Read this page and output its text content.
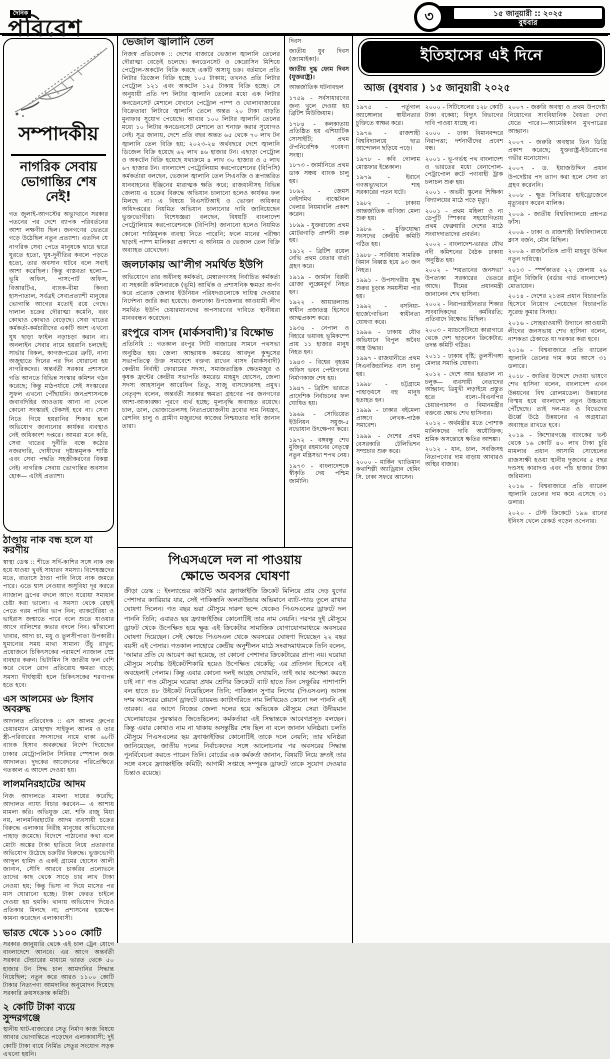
দৈনিক
পরিবেশ	৩	১৫ জানুয়ারী :: ২০২৫
বুধবার
সম্পাদকীয়
নাগরিক সেবায় ভোগান্তির শেষ নেই!
গত জুলাই-আগস্টের অভ্যুত্থানে সরকার পতনের পর দেশে ব্যাপক পরিবর্তনের আশা লক্ষণীয় ছিল। জনগণের ভেতরে গড়ে উঠেছিল নতুন প্রত্যাশা। এতদিন যে নাগরিক সেবা পেতে মানুষকে দ্বারে দ্বারে ঘুরতে হতো, ঘুষ-দুর্নীতির কবলে পড়তে হতো, তার অবসান ঘটবে বলে সবাই আশা করেছিল। কিন্তু বাস্তবতা হলো— ভূমি অফিস, পাসপোর্ট অফিস, বিআরটিএ, ব্যাংক-বীমা কিংবা হাসপাতাল, সর্বত্রই সেবাপ্রত্যাশী মানুষের ভোগান্তি আগের মতোই রয়ে গেছে। দালাল চক্রের দৌরাত্ম্য কমেনি, বরং কোথাও কোথাও বেড়েছে। সেবা খাতের কর্মকর্তা-কর্মচারীদের একটি অংশ এখনো ঘুষ ছাড়া ফাইল নড়াচড়া করান না। অনলাইন সেবার নামে হয়রানি চলছেই; সার্ভার বিকল, কাগজপত্রের ত্রুটি, নানা অজুহাতে দিনের পর দিন ঘোরানো হয় নাগরিকদের। অন্তর্বর্তী সরকার প্রশাসনে গতি আনতে বিভিন্ন সংস্কার কমিশন গঠন করেছে; কিন্তু মাঠপর্যায়ে সেই সংস্কারের সুফল এখনো পৌঁছায়নি। জনপ্রশাসনকে জবাবদিহির আওতায় আনা না গেলে কোনো সংস্কারই টেকসই হবে না। সেবা নিতে গিয়ে হয়রানির শিকার হলে অভিযোগ জানানোর কার্যকর ব্যবস্থাও নেই অধিকাংশ দপ্তরে। আমরা মনে করি, সেবা খাতের দুর্নীতি বন্ধে কঠোর নজরদারি, দোষীদের দৃষ্টান্তমূলক শাস্তি এবং সেবা পদ্ধতি সহজীকরণের বিকল্প নেই। নাগরিক সেবায় ভোগান্তির অবসান হোক— এটাই প্রত্যাশা।
ঠাণ্ডায় নাক বন্ধ হলে যা করণীয়
স্বাস্থ্য ডেস্ক :: শীতে সর্দি-কাশির সঙ্গে নাক বন্ধ হয়ে যাওয়া খুবই সাধারণ সমস্যা। বিশেষজ্ঞদের মতে, বাতাসে ঠাণ্ডা পানি নিয়ে নাক জমতে পারে। এতে শ্বাস নেওয়ার অসুবিধা দূর করতে ন্যাজাল ড্রপের বদলে আগে ঘরোয়া সমাধান চেষ্টা করা ভালো। এ সমস্যা থেকে রেহাই পেতে গরম পানির ভাপ নিন; ব্যাকটেরিয়া ও ভাইরাস জন্মাতে পারে বলে শুতে যাওয়ার আগে বালিশের কভার বদলে নিন। ঝাঁঝালো খাবার, আদা চা, মধু ও তুলসীপাতা উপকারী। ঘুমানোর সময় মাথা সামান্য উঁচু রাখুন; প্রয়োজনে চিকিৎসকের পরামর্শে ন্যাজাল স্প্রে ব্যবহার করুন। ভিটামিন সি জাতীয় ফল বেশি করে খেলে রোগ প্রতিরোধ ক্ষমতা বাড়ে; সমস্যা দীর্ঘস্থায়ী হলে চিকিৎসকের শরণাপন্ন হতে হবে।
এস আলমের ৬৮ হিসাব অবরুদ্ধ
আদালত প্রতিবেদক :: এস আলম গ্রুপের চেয়ারম্যান মোহাম্মদ সাইফুল আলম ও তার স্ত্রী-পরিবারের সদস্যদের নামে থাকা ৬৮টি ব্যাংক হিসাব অবরুদ্ধের নির্দেশ দিয়েছেন ঢাকার মেট্রোপলিটন সিনিয়র স্পেশাল জজ আদালত। দুদকের আবেদনের পরিপ্রেক্ষিতে গতকাল এ আদেশ দেওয়া হয়।
লালমনিরহাটের আদম
নিজ আদালতে মামলা দায়ের করেছি; আদালত ন্যায্য বিচার করবেন— এ আশায় মামলা করি। অভিযুক্ত মো. শফি রাজু মিয়া নয়, লালমনিরহাটের আদম ব্যবসায়ী চক্রের বিরুদ্ধে এলাকার নিরীহ মানুষের অভিযোগের পাহাড় জমেছে। বিদেশে পাঠানোর কথা বলে মোটা অঙ্কের টাকা হাতিয়ে নিয়ে প্রতারণার অভিযোগ উঠেছে চক্রটির বিরুদ্ধে। ভুক্তভোগী আব্দুল হামিদ ও একই গ্রামের হোসেন আলী জানান, সৌদি আরবে চাকরির প্রলোভনে তাদের কাছ থেকে সাড়ে চার লাখ টাকা নেওয়া হয়; কিন্তু ভিসা না দিয়ে মাসের পর মাস ঘোরানো হচ্ছে। টাকা ফেরত চাইলে দেওয়া হয় হুমকি। থানায় অভিযোগ দিয়েও প্রতিকার মিলছে না; প্রশাসনের হস্তক্ষেপ কামনা করেছেন এলাকাবাসী।
ভারত থেকে ১১০০ কোটি
সরকার জানুয়ারি থেকে এই চাল ট্রেন যোগে বাংলাদেশে আনবে। এর আগে অন্তর্বর্তী সরকার টেন্ডারের মাধ্যমে ভারত থেকে ৫০ হাজার টন সিদ্ধ চাল আমদানির সিদ্ধান্ত নিয়েছিল; নতুন করে আরও ১১০০ কোটি টাকার নিত্যপণ্য আমদানির অনুমোদন দিয়েছে সরকারি ক্রয়সংক্রান্ত কমিটি।
২ কোটি টাকা ব্যয়ে সুন্দরগঞ্জে
স্থানীয় ঘাট-বাজারের সেতু নির্মাণ কাজ বিষয়ে আবার ভোগান্তিতে পড়েছেন এলাকাবাসী; দুই কোটি টাকা ব্যয়ে নির্মিত সেতুর সংযোগ সড়ক এখনো হয়নি।
ভেজাল জ্বালানি তেল
নিজস্ব প্রতিবেদক :: দেশের বাজারে ভেজাল জ্বালানি তেলের দৌরাত্ম্য বেড়েই চলেছে। কনডেনসেট ও কেরোসিন মিশিয়ে পেট্রোল-অকটেন বিক্রি করছে একটি অসাধু চক্র। বর্তমানে প্রতি লিটার ডিজেল বিক্রি হচ্ছে ১০৫ টাকায়; তখনও প্রতি লিটার পেট্রোল ১২১ এবং অকটেন ১২৫ টাকায় বিক্রি হচ্ছে। সে অনুযায়ী প্রতি দশ লিটার জ্বালানি তেলের মধ্যে এক লিটার কনডেনসেট মেশালে যেখানে পেট্রোল পাম্প ও খোলাবাজারের বিক্রেতারা লিটারে জ্বালানি তেলে অন্তত ২০ টাকা বাড়তি মুনাফার সুযোগ পেয়েছে। আবার ১০০ লিটার জ্বালানি তেলের মধ্যে ১০ লিটার কনডেনসেট মেশালে তা শনাক্ত করার সুযোগও নেই। সূত্র জানায়, দেশে প্রতি বছর অন্তত ৬৫ থেকে ৭০ লাখ টন জ্বালানি তেল বিক্রি হয়; ২০২৩-২৪ অর্থবছরে দেশে জ্বালানি ডিজেল বিক্রি হয়েছে ৬২ লাখ ৪৬ হাজার টন। এছাড়া পেট্রোল ও অকটেন বিক্রি হয়েছে যথাক্রমে ৪ লাখ ৩০ হাজার ও ৫ লাখ ৬৭ হাজার টন। বাংলাদেশ পেট্রোলিয়াম করপোরেশনের (বিপিসি) কর্মকর্তারা বলছেন, ভেজাল জ্বালানি তেল সিএনজি ও রূপান্তরিত যানবাহনের ইঞ্জিনের মারাত্মক ক্ষতি করে; রাজধানীসহ বিভিন্ন জেলায় এ চক্রের বিরুদ্ধে অভিযান চালানো হলেও কার্যকর ফল মিলছে না। এ বিষয়ে বিএসটিআই ও ভোক্তা অধিকার অধিদপ্তরের নিয়মিত অভিযান চালানোর দাবি জানিয়েছেন ভুক্তভোগীরা। বিশেষজ্ঞরা বলছেন, বিষয়টি বাংলাদেশ পেট্রোলিয়াম করপোরেশনকে (বিপিসি) জানানো হলেও নিয়মিত কোনো শাস্তিমূলক ব্যবস্থা নিতে পারেনি; ফলে মানের পরীক্ষা ছাড়াই পাম্প মালিকরা প্রকাশ্যে এ অনিয়ম ও ভেজাল তেল বিক্রি অব্যাহত রেখেছেন।
জলঢাকায় আ'লীগ সমর্থিত ইউপি
অভিযোগে তার অধীনস্থ কর্মকর্তা, মেম্বারগণসহ নির্বাচিত কর্মকর্তা বা সহকারী কমিশনারকে (ভূমি) আর্থিক ও প্রশাসনিক ক্ষমতা অর্পণ করে প্রত্যেক জেলার ইউনিয়ন পরিষদগুলোকে দায়িত্ব দেওয়ার নির্দেশনা জারি করা হয়েছে। জলঢাকা উপজেলার আওয়ামী লীগ সমর্থিত ইউপি চেয়ারম্যানদের অপসারণের দাবিতে স্থানীয়রা মানববন্ধন করেছেন।
রংপুরে বাসদ (মার্কসবাদী)'র বিক্ষোভ
প্রতিনিধি :: গতকাল রংপুর সিটি বাজারের সামনে পথসভা অনুষ্ঠিত হয়। জেলা আহ্বায়ক কমরেড আবদুল কুদ্দুসের সভাপতিত্বে উক্ত সমাবেশে বক্তব্য রাখেন বাসদ (মার্কসবাদী) কেন্দ্রীয় নির্বাহী ফোরামের সদস্য, সমাজতান্ত্রিক ক্ষেতমজুর ও কৃষক ফ্রন্টের কেন্দ্রীয় সভাপতি কমরেড মাহমুদ হোসেন, জেলা সদস্য আহসানুল আরেফিন তিতু, সাজু বাসফোরসহ প্রমুখ। নেতৃবৃন্দ বলেন, অন্তর্বর্তী সরকার ক্ষমতা গ্রহণের পর জনগণের আশা-আকাঙ্ক্ষা পূরণে ব্যর্থ হচ্ছে; মূল্যবৃদ্ধি অব্যাহত রয়েছে। চাল, ডাল, ভোজ্যতেলসহ নিত্যপ্রয়োজনীয় দ্রব্যের দাম নিয়ন্ত্রণ, রেশনিং চালু ও গ্রামীণ মজুরদের কাজের নিশ্চয়তার দাবি জানান তারা।
দিবস
জাতীয় যুব দিবস (জ্যামাইকা)।
জাতীয় দুগ্ধ ফোম দিবস (যুক্তরাষ্ট্র)।
আন্তর্জাতিক ঘটনাবহুল
১৭৫৯ - সর্বসাধারণের জন্য খুলে দেওয়া হয় ব্রিটিশ মিউজিয়াম।
১৭৮৪ - কলকাতায় প্রতিষ্ঠিত হয় এশিয়াটিক সোসাইটি; প্রথম ঔপনিবেশিক গবেষণা সংস্থা।
১৮৭৩ - জার্মানিতে প্রথম ডাক সঞ্চয় ব্যাংক চালু হয়।
১৮৯২ - জেমস নেইসমিথ বাস্কেটবল খেলার নিয়মাবলি প্রকাশ করেন।
১৮৯৯ - যুক্তরাজ্যে প্রথম মোটরগাড়ি প্রদর্শনী শুরু হয়।
১৯১২ - ব্রিটিশ রয়েল নেভি প্রথম বেতার বার্তা গ্রহণ করে।
১৯১৯ - জার্মান বিপ্লবী রোজা লুক্সেমবুর্গ নিহত হন।
১৯২২ - আয়ারল্যান্ড স্বাধীন প্রজাতন্ত্র হিসেবে আত্মপ্রকাশ করে।
১৯৩৪ - নেপাল ও বিহারে ভয়াবহ ভূমিকম্পে প্রায় ১১ হাজার মানুষ নিহত হন।
১৯৪৩ - বিশ্বের বৃহত্তম অফিস ভবন পেন্টাগনের নির্মাণকাজ শেষ হয়।
১৯৪৭ - ব্রিটিশ ভারতে প্রাদেশিক নির্বাচনের ফল ঘোষিত হয়।
১৯৬৯ - সোভিয়েত ইউনিয়ন সয়ুজ-৫ নভোযান উৎক্ষেপণ করে।
১৯৭২ - বঙ্গবন্ধু শেখ মুজিবুর রহমানের নেতৃত্বে নতুন মন্ত্রিসভা শপথ নেয়।
১৯৭৩ - বাংলাদেশকে স্বীকৃতি দেয় পশ্চিম জার্মানি।
পিএসএলে দল না পাওয়ায়
ক্ষোভে অবসর ঘোষণা
ক্রীড়া ডেস্ক :: ইংল্যান্ডের কাউন্টি আর ফ্র্যাঞ্চাইজি ক্রিকেট মিলিয়ে প্রায় দেড় যুগের পেশাদার ক্যারিয়ার যার, সেই পাকিস্তানি অলরাউন্ডার অভিমানে ব্যাট-প্যাড তুলে রাখার ঘোষণা দিলেন। গত বছর ভরা মৌসুমে দারুণ ছন্দে থেকেও পিএসএলের ড্রাফটে দল পাননি তিনি; এবারও ছয় ফ্র্যাঞ্চাইজির কোনোটিই তার নাম নেয়নি। পরপর দুই মৌসুমে ড্রাফট থেকে উপেক্ষিত হয়ে ক্ষুব্ধ এই ক্রিকেটার সামাজিক যোগাযোগমাধ্যমে অবসরের ঘোষণা দিয়েছেন। সেই ক্ষোভে পিএসএল থেকে অবসরের ঘোষণা দিয়েছেন ২২ বছর বয়সী এই পেসার। গতকাল লাহোরে কেন্দ্রীয় অনুশীলন মাঠে সংবাদমাধ্যমকে তিনি বলেন, 'আমার প্রতি যে আচরণ করা হয়েছে, তা কোনো পেশাদার ক্রিকেটারের প্রাপ্য নয়। ঘরোয়া মৌসুমে সর্বোচ্চ উইকেটশিকারি হয়েও উপেক্ষিত থেকেছি; এর প্রতিদান হিসেবে এই অবহেলাই পেলাম। কিন্তু এবার কোনো দলই আগ্রহ দেখায়নি, তাই আর অপেক্ষা করতে চাই না।' গত মৌসুমে ঘরোয়া প্রথম শ্রেণির ক্রিকেটে ব্যাট হাতে তিন সেঞ্চুরির পাশাপাশি বল হাতে ৪৮ উইকেট নিয়েছিলেন তিনি; পাকিস্তান সুপার লিগের (পিএসএল) আসন্ন দশম আসরের প্লেয়ার্স ড্রাফটে ডায়মন্ড ক্যাটাগরিতে নাম লিখিয়েও কোনো দল পাননি এই তারকা। এর আগে নিজের জেলা দলের হয়ে অভিষেক মৌসুমে সেরা উদীয়মান খেলোয়াড়ের পুরস্কারও জিতেছিলেন; কর্মকর্তারা এই সিদ্ধান্তকে আবেগপ্রসূত বলছেন। কিন্তু এবার কোথাও নাম না থাকায় অসন্তুষ্টির শেষ ছিল না বলে জানান ঘনিষ্ঠরা। চলতি মৌসুমে পিএসএলের ছয় ফ্র্যাঞ্চাইজির কোনোটিই তাকে দলে নেয়নি; তার ঘনিষ্ঠরা জানিয়েছেন, জাতীয় দলের নির্বাচকদের সঙ্গে আলোচনার পর অবসরের সিদ্ধান্ত পুনর্বিবেচনা করতে পারেন তিনি। বোর্ডের এক কর্মকর্তা জানান, বিষয়টি নিয়ে দ্রুতই তার সঙ্গে বসবে ফ্র্যাঞ্চাইজি কমিটি; আগামী সপ্তাহে সম্পূরক ড্রাফটে তাকে সুযোগ দেওয়ার চিন্তাও রয়েছে।
ইতিহাসের এই দিনে
আজ (বুধবার ) ১৫ জানুয়ারী ২০২৫
১৯৭৫ - পর্তুগাল অ্যাঙ্গোলার স্বাধীনতার চুক্তিতে স্বাক্ষর করে।
১৯৭৬ - রাজশাহী বিশ্ববিদ্যালয়ে ছাত্র আন্দোলন ছড়িয়ে পড়ে।
১৯৭৮ - কবি গোলাম মোস্তফার ইন্তেকাল।
১৯৭৯ - ইরানে গণঅভ্যুত্থানে শাহ সরকারের পতন ঘটে।
১৯৮২ - ঢাকায় আন্তর্জাতিক বাণিজ্য মেলা শুরু হয়।
১৯৮৬ - মুক্তিযোদ্ধা সংসদের কেন্দ্রীয় কমিটি গঠিত হয়।
১৯৮৮ - সার্বিয়ায় সামরিক বিমান বিধ্বস্ত হয়ে ৯৩ জন নিহত।
১৯৯১ - উপসাগরীয় যুদ্ধ শুরুর চূড়ান্ত সময়সীমা পার হয়।
১৯৯২ - বসনিয়া-হার্জেগোভিনা স্বাধীনতা ঘোষণা করে।
১৯৯৬ - ঢাকায় যৌথ অভিযানে বিপুল অবৈধ অস্ত্র উদ্ধার।
১৯৯৭ - রাজধানীতে প্রথম সিএনজিচালিত বাস চালু হয়।
১৯৯৮ - চট্টগ্রামে পাহাড়ধসে বহু মানুষ হতাহত হন।
১৯৯৯ - ঢাকার বইমেলা প্রাঙ্গণে লেখক-পাঠক সমাবেশ।
১৯৯৯ - দেশের প্রথম বেসরকারি টেলিভিশন সম্প্রচার শুরু করে।
২০০০ - মার্কিন খ্যাতিমান কথাশিল্পী অ্যাড্রিয়ান হেমিং সি. ঢাকা সফরে আসেন।
২০০০ - সিটিসেলের ১২৮ কোটি টাকা বকেয়া; বিদ্যুৎ বিভাগের দাবি পাওয়া যাচ্ছে না।
২০০০ - ঢাকা বিমানবন্দরে নিরাপত্তা; দর্শনার্থীদের প্রবেশ বন্ধ।
২০০১ - ভূ-গর্ভস্থ পথ বাংলাদেশ ও ভারতের মধ্যে বেনাপোল-পেট্রাপোল রুটে পণ্যবাহী ট্রাক চলাচল শুরু হয়।
২০০১ - অভয়ী স্কুলের শিক্ষিকা বিদ্যালয়ের মাঠে পড়ে মৃত্যু।
২০০১ - প্রথম মহিলা ও না ডেপুটি স্পিকার সহযোগিতায় প্রথম ফেব্রুয়ারি দেশের মাঠে সংবাদদাতাদের প্রবর্তন।
২০০২ - বাংলাদেশ-ভারত যৌথ নদী কমিশনের বৈঠক ঢাকায় অনুষ্ঠিত হয়।
২০০২ - 'শয়তানের জনসভা' উপত্যকা সরকারের ভেতরে আছে। টীমের প্রধানমন্ত্রী জানালেন শেখ হাসিনা।
২০০২ - নিরাপত্তাহীনতার শিকার সাংবাদিকদের কর্মবিরতি; প্রতিবাদে বিক্ষোভ মিছিল।
২০০৩ - ম্যাচসেটিংয়ে কারাগারে থেকে দেশ ছাড়লেন ক্রিকেটার; তদন্ত কমিটি গঠিত।
২০১১ - ঢাকায় বৃষ্টি; তুলসীগঙ্গা মেলার সমাপ্তি ঘোষণা।
২০১২ - দেশে আর হরতাল না চলুক— ব্যবসায়ী নেতাদের আহ্বান; ত্রিমুখী লড়াইয়ে প্রস্তুত হতে বলে।–বিএনপির চেয়ারপারসন ও বিমানমন্ত্রীর বক্তব্যে ক্ষোভ শেখ হাসিনার।
২০১২ - অর্থমন্ত্রীর মতে পোশাক মালিকদের দাবি অযৌক্তিক; শ্রমিক অসন্তোষে ক্ষতির আশঙ্কা।
২০১২ - ধান, চাল, সবজিসহ নিত্যপণ্যের দাম বাড়ায় আবারও অস্থির বাজার।
২০০৭ - জরুরি অবস্থা ও প্রথম উপদেষ্টা নিয়োগের সাংবিধানিক বৈধতা দেখা যেতে পারে।—আমেরিকান মুখপাত্রের আহ্বান।
২০০৭ - জরুরি অবস্থার তিন ডিগ্রি প্রকাশ করেছে; যুক্তরাষ্ট্র-ইউরোপের গভীর মনোযোগ।
২০০৭ - ড. ইয়াজউদ্দিন প্রধান উপদেষ্টার পদ ত্যাগ করা হলে সেনা তা গ্রহণ করেননি।
২০০৮ - ক্ষুদ্র সিভিয়ার হাইড্রোজেনে মৃত্যুবরণ করেন মালিক।
২০০৯ - জাতীয় বিশ্ববিদ্যালয়ে প্রশ্নপত্র ফাঁস।
২০০৯ - ঢাকা ও রাজশাহী বিশ্ববিদ্যালয়ে ক্লাস বর্জন, মৌন মিছিল।
২০০৯ - রাজনৈতিক প্রাণী মাহবুব উদ্দিন নতুন দায়িত্বে।
২০১৩ - স্পর্শকাতর ২২ জেলায় ২৬ প্লাটুন বিজিবি (বর্ডার গার্ড বাংলাদেশ) মোতায়েন।
২০১৪ - দেশের ২১তম প্রধান বিচারপতি হিসেবে নিয়োগ পেয়েছেন বিচারপতি সুরেন্দ্র কুমার সিনহা।
২০১৬ - সোহরাওয়ার্দী উদ্যানে আওয়ামী লীগের জনসভায় শেখ হাসিনা বলেন, নাশকতা ঠেকাতে যা দরকার করা হবে।
২০১৬ - বিশ্ববাজারে প্রতি ব্যারেল জ্বালানি তেলের দাম কমে আসে ৩১ ডলারে।
২০১৮ - জাতির উদ্দেশে দেওয়া ভাষণে শেখ হাসিনা বলেন, বাংলাদেশ এখন উন্নয়নের বিশ্ব রোলমডেল। উন্নয়নের বিস্ময় হয়ে বাংলাদেশ নতুন উচ্চতায় পৌঁছেছে। তাই দল-মত ও বিভেদের ঊর্ধ্বে উঠে উন্নয়নের এ অগ্রযাত্রা অব্যাহত রাখতে হবে।
২০১৯ - কিশোরগঞ্জে ব্যাংকের ভল্ট থেকে ১৬ কোটি ৪০ লাখ টাকা চুরি মামলার প্রধান আসামি সোহেলের রাজসাক্ষী হওয়া স্থানীয় দুজনের ৫ বছর দণ্ডসহ কারাদণ্ড এবং পাঁচ হাজার টাকা জরিমানা।
২০১৬ - বিশ্ববাজারে প্রতি ব্যারেল জ্বালানি তেলের দাম কমে এসেছে ৩১ ডলার।
২০২০ - টেস্ট ক্রিকেটে ১৯৬ রানের ইনিংস খেলে রেকর্ড গড়েন ওপেনার।
